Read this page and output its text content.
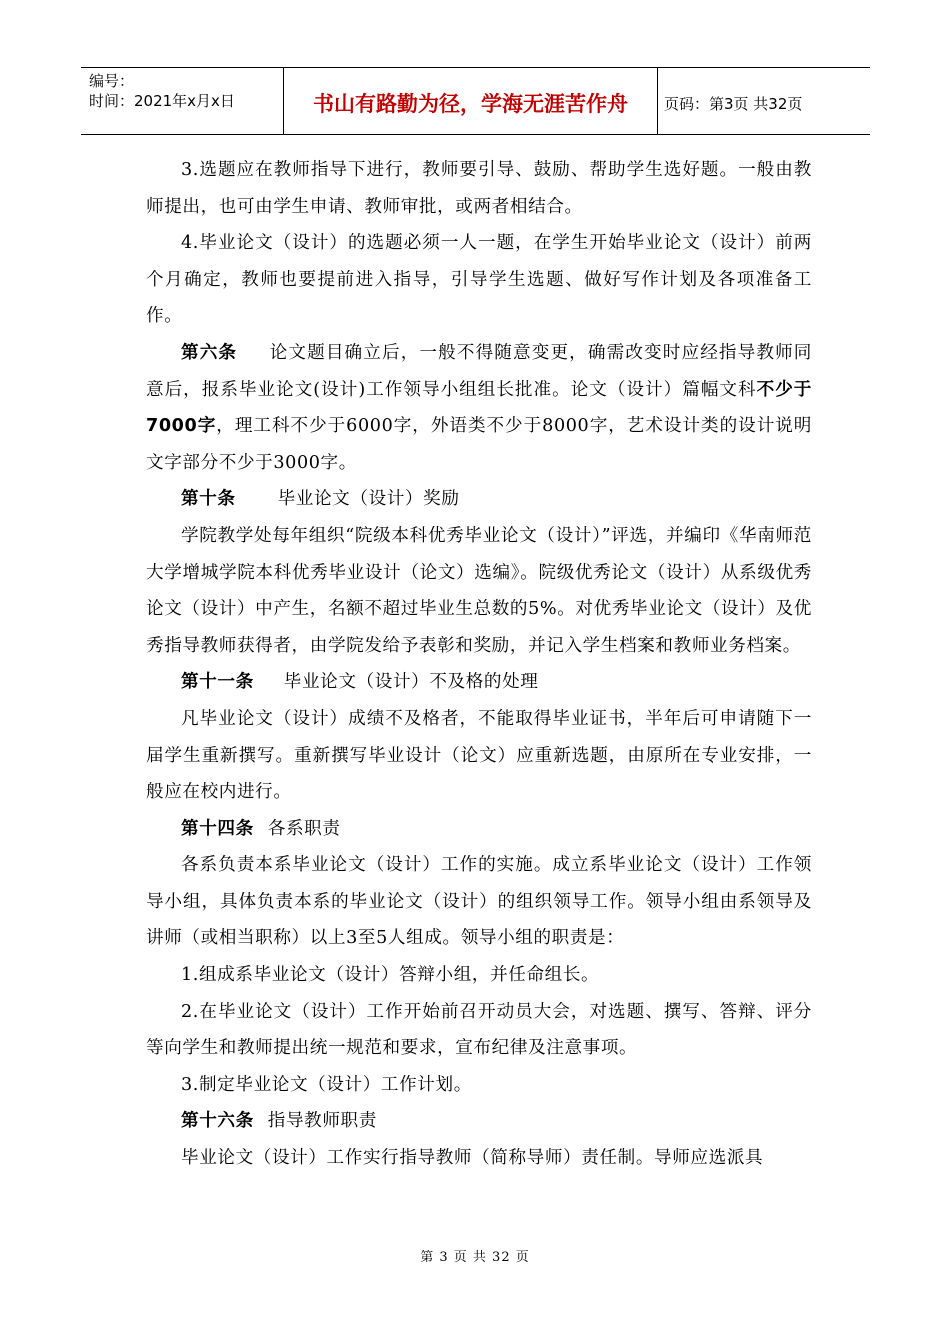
编号：
时间：2021年x月x日	书山有路勤为径，学海无涯苦作舟	页码：第3页 共32页

3.选题应在教师指导下进行，教师要引导、鼓励、帮助学生选好题。一般由教师提出，也可由学生申请、教师审批，或两者相结合。

4.毕业论文（设计）的选题必须一人一题，在学生开始毕业论文（设计）前两个月确定，教师也要提前进入指导，引导学生选题、做好写作计划及各项准备工作。

第六条 论文题目确立后，一般不得随意变更，确需改变时应经指导教师同意后，报系毕业论文(设计)工作领导小组组长批准。论文（设计）篇幅文科不少于7000字，理工科不少于6000字，外语类不少于8000字，艺术设计类的设计说明文字部分不少于3000字。

第十条 毕业论文（设计）奖励

学院教学处每年组织“院级本科优秀毕业论文（设计）”评选，并编印《华南师范大学增城学院本科优秀毕业设计（论文）选编》。院级优秀论文（设计）从系级优秀论文（设计）中产生，名额不超过毕业生总数的5%。对优秀毕业论文（设计）及优秀指导教师获得者，由学院发给予表彰和奖励，并记入学生档案和教师业务档案。

第十一条 毕业论文（设计）不及格的处理

凡毕业论文（设计）成绩不及格者，不能取得毕业证书，半年后可申请随下一届学生重新撰写。重新撰写毕业设计（论文）应重新选题，由原所在专业安排，一般应在校内进行。

第十四条 各系职责

各系负责本系毕业论文（设计）工作的实施。成立系毕业论文（设计）工作领导小组，具体负责本系的毕业论文（设计）的组织领导工作。领导小组由系领导及讲师（或相当职称）以上3至5人组成。领导小组的职责是：

1.组成系毕业论文（设计）答辩小组，并任命组长。

2.在毕业论文（设计）工作开始前召开动员大会，对选题、撰写、答辩、评分等向学生和教师提出统一规范和要求，宣布纪律及注意事项。

3.制定毕业论文（设计）工作计划。

第十六条 指导教师职责

毕业论文（设计）工作实行指导教师（简称导师）责任制。导师应选派具

第 3 页 共 32 页
